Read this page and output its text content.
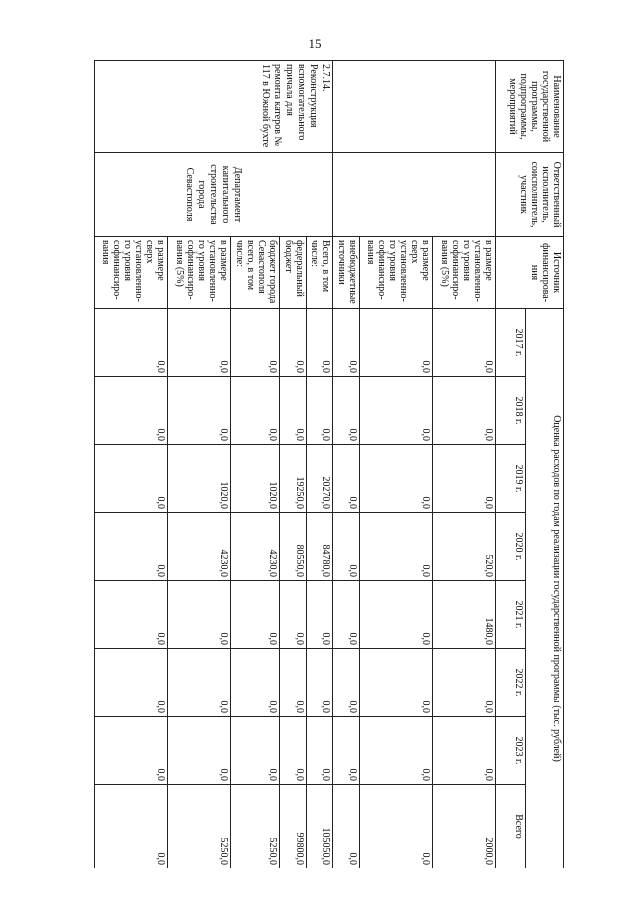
15
Наименование государственной программы, подпрограммы, мероприятий	Ответственный исполнитель, соисполнитель, участник	Источник финансирова-ния	Оценка расходов по годам реализации государственной программы (тыс. рублей)							
			2017 г.	2018 г.	2019 г.	2020 г.	2021 г.	2022 г.	2023 г.	Всего
		в размере установленно-го уровня софинансиро-вания (5%)	0,0	0,0	0,0	520,0	1480,0	0,0	0,0	2000,0
		в размере сверх установленно-го уровня софинансиро-вания	0,0	0,0	0,0	0,0	0,0	0,0	0,0	0,0
		внебюджетные источники	0,0	0,0	0,0	0,0	0,0	0,0	0,0	0,0
2.7.14. Реконструкция вспомогательного причала для ремонта катеров № 117 в Южной бухте	Департамент капитального строительства города Севастополя	Всего, в том числе:	0,0	0,0	20270,0	84780,0	0,0	0,0	0,0	105050,0
		федеральный бюджет	0,0	0,0	19250,0	80550,0	0,0	0,0	0,0	99800,0
		бюджет города Севастополя всего, в том числе:	0,0	0,0	1020,0	4230,0	0,0	0,0	0,0	5250,0
		в размере установленно-го уровня софинансиро-вания (5%)	0,0	0,0	1020,0	4230,0	0,0	0,0	0,0	5250,0
		в размере сверх установленно-го уровня софинансиро-вания	0,0	0,0	0,0	0,0	0,0	0,0	0,0	0,0
